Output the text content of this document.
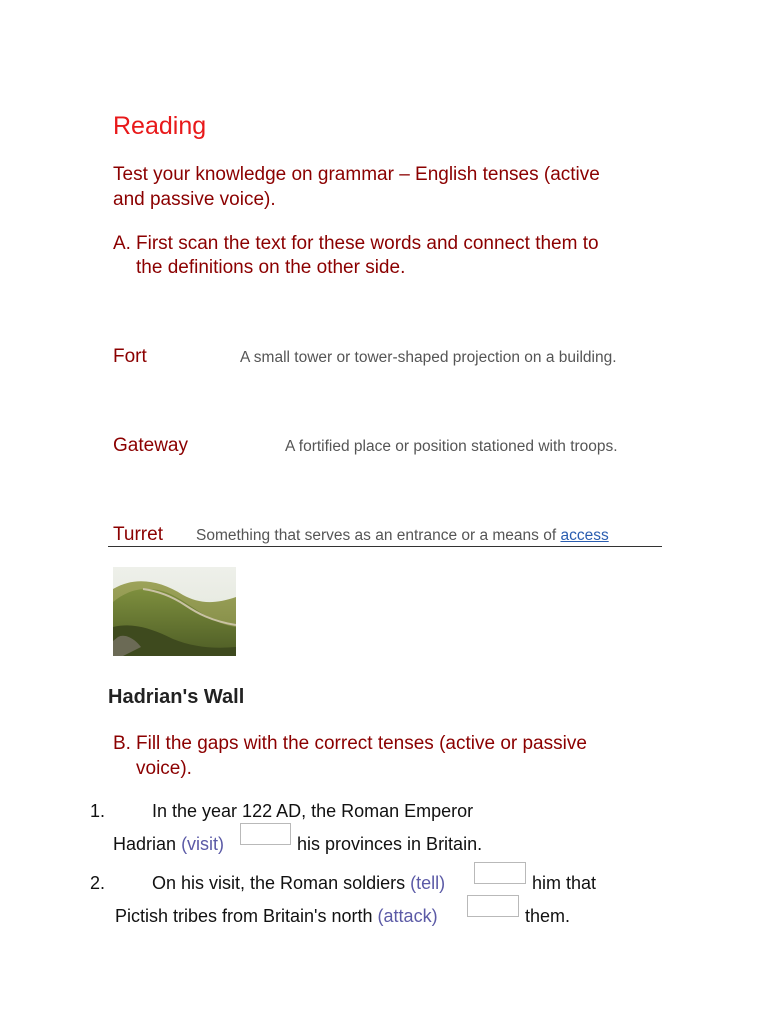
Reading
Test your knowledge on grammar – English tenses (active
and passive voice).
A. First scan the text for these words and connect them to
the definitions on the other side.
Fort	A small tower or tower-shaped projection on a building.
Gateway	A fortified place or position stationed with troops.
Turret Something that serves as an entrance or a means of access
Hadrian's Wall
B. Fill the gaps with the correct tenses (active or passive
voice).
1.	In the year 122 AD, the Roman Emperor
Hadrian (visit)	his provinces in Britain.
2.	On his visit, the Roman soldiers (tell)	him that
Pictish tribes from Britain's north (attack)	them.
